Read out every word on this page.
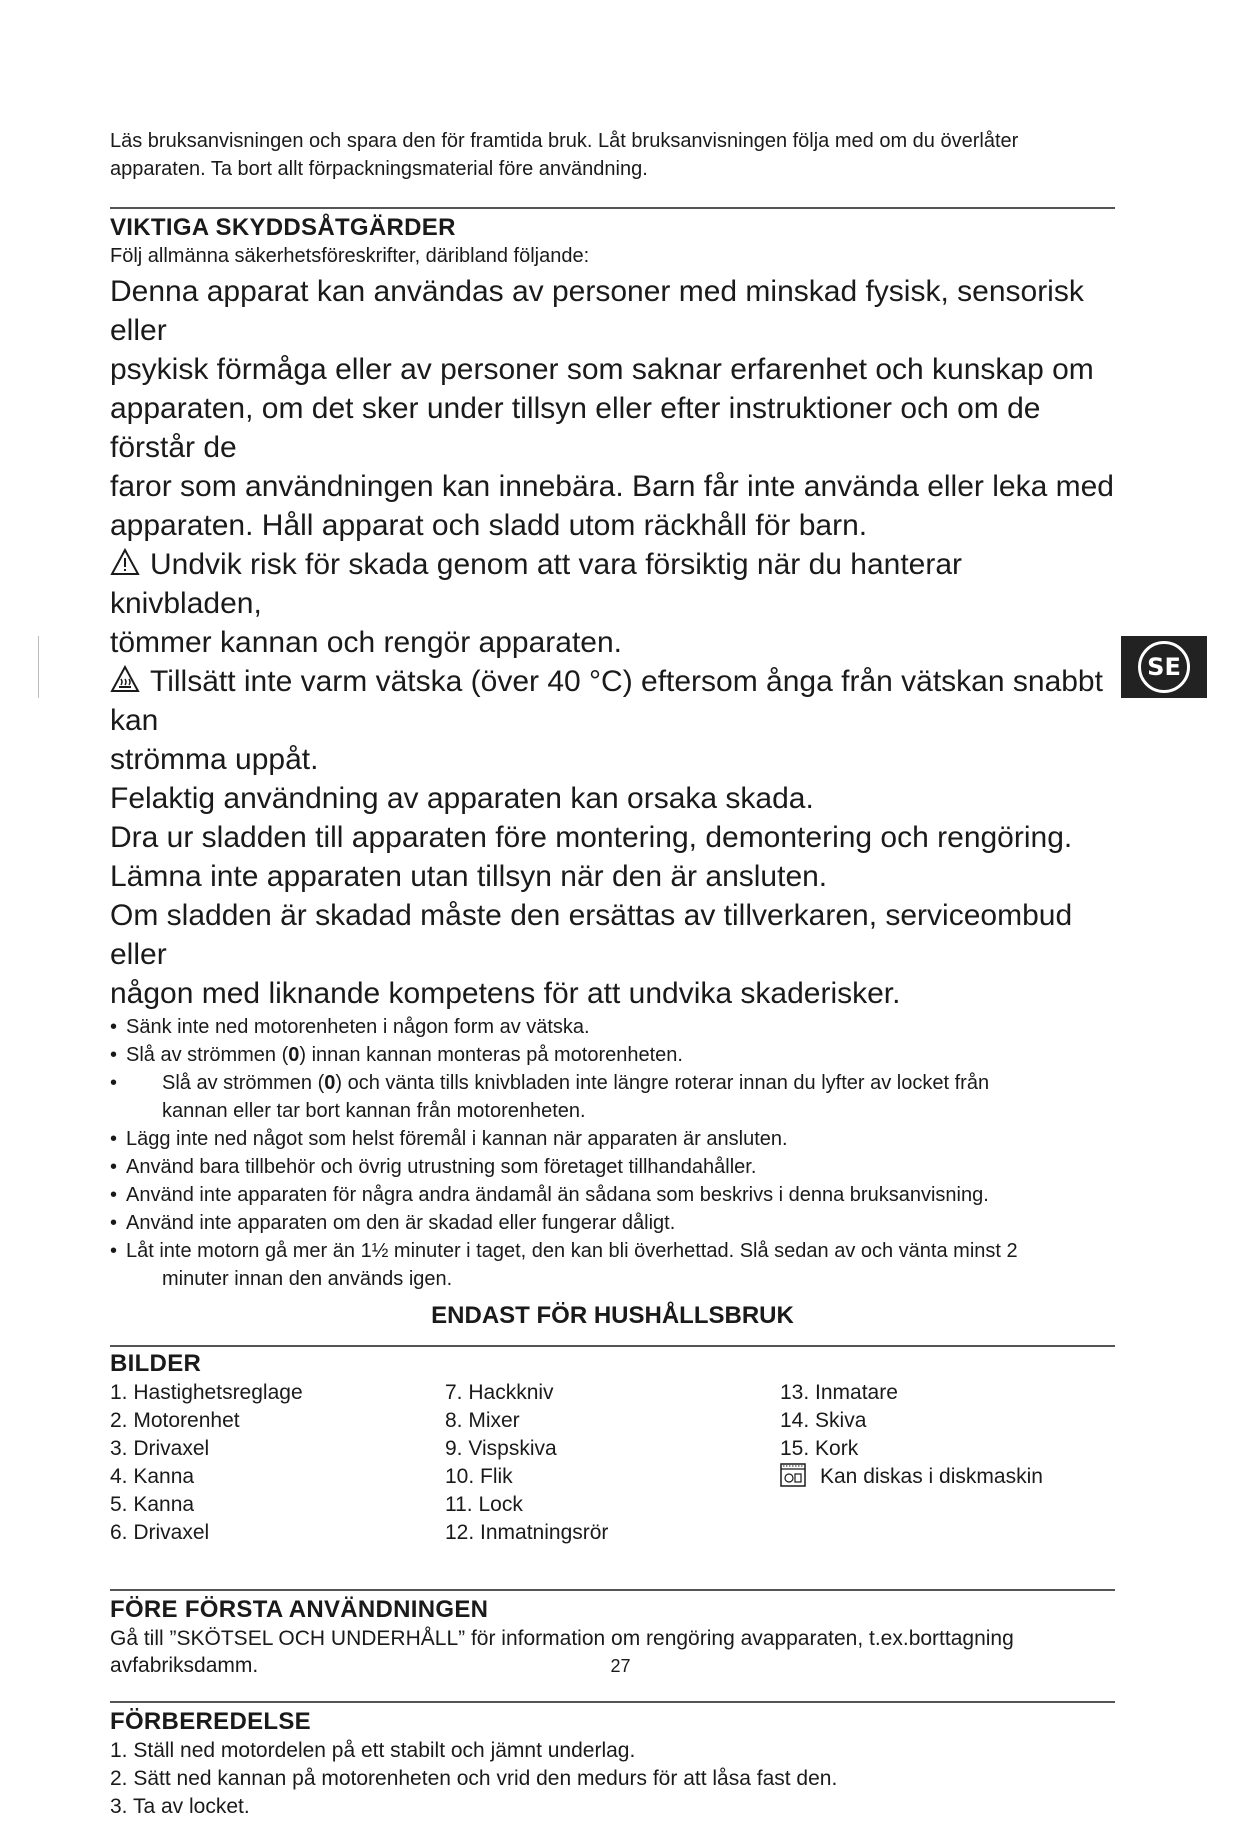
Läs bruksanvisningen och spara den för framtida bruk. Låt bruksanvisningen följa med om du överlåter

apparaten. Ta bort allt förpackningsmaterial före användning.

VIKTIGA SKYDDSÅTGÄRDER

Följ allmänna säkerhetsföreskrifter, däribland följande:

Denna apparat kan användas av personer med minskad fysisk, sensorisk eller

psykisk förmåga eller av personer som saknar erfarenhet och kunskap om

apparaten, om det sker under tillsyn eller efter instruktioner och om de förstår de

faror som användningen kan innebära. Barn får inte använda eller leka med

apparaten. Håll apparat och sladd utom räckhåll för barn.

Undvik risk för skada genom att vara försiktig när du hanterar knivbladen,

tömmer kannan och rengör apparaten.

Tillsätt inte varm vätska (över 40 °C) eftersom ånga från vätskan snabbt kan

strömma uppåt.

Felaktig användning av apparaten kan orsaka skada.

Dra ur sladden till apparaten före montering, demontering och rengöring.

Lämna inte apparaten utan tillsyn när den är ansluten.

Om sladden är skadad måste den ersättas av tillverkaren, serviceombud eller

någon med liknande kompetens för att undvika skaderisker.

• Sänk inte ned motorenheten i någon form av vätska.
• Slå av strömmen (0) innan kannan monteras på motorenheten.
• Slå av strömmen (0) och vänta tills knivbladen inte längre roterar innan du lyfter av locket från
kannan eller tar bort kannan från motorenheten.
• Lägg inte ned något som helst föremål i kannan när apparaten är ansluten.
• Använd bara tillbehör och övrig utrustning som företaget tillhandahåller.
• Använd inte apparaten för några andra ändamål än sådana som beskrivs i denna bruksanvisning.
• Använd inte apparaten om den är skadad eller fungerar dåligt.
• Låt inte motorn gå mer än 1½ minuter i taget, den kan bli överhettad. Slå sedan av och vänta minst 2
minuter innan den används igen.

ENDAST FÖR HUSHÅLLSBRUK

BILDER
1. Hastighetsreglage
2. Motorenhet
3. Drivaxel
4. Kanna
5. Kanna
6. Drivaxel
7. Hackkniv
8. Mixer
9. Vispskiva
10. Flik
11. Lock
12. Inmatningsrör
13. Inmatare
14. Skiva
15. Kork
Kan diskas i diskmaskin
FÖRE FÖRSTA ANVÄNDNINGEN

Gå till ”SKÖTSEL OCH UNDERHÅLL” för information om rengöring avapparaten, t.ex.borttagning

avfabriksdamm.

FÖRBEREDELSE
1. Ställ ned motordelen på ett stabilt och jämnt underlag.
2. Sätt ned kannan på motorenheten och vrid den medurs för att låsa fast den.
3. Ta av locket.
SE
27
